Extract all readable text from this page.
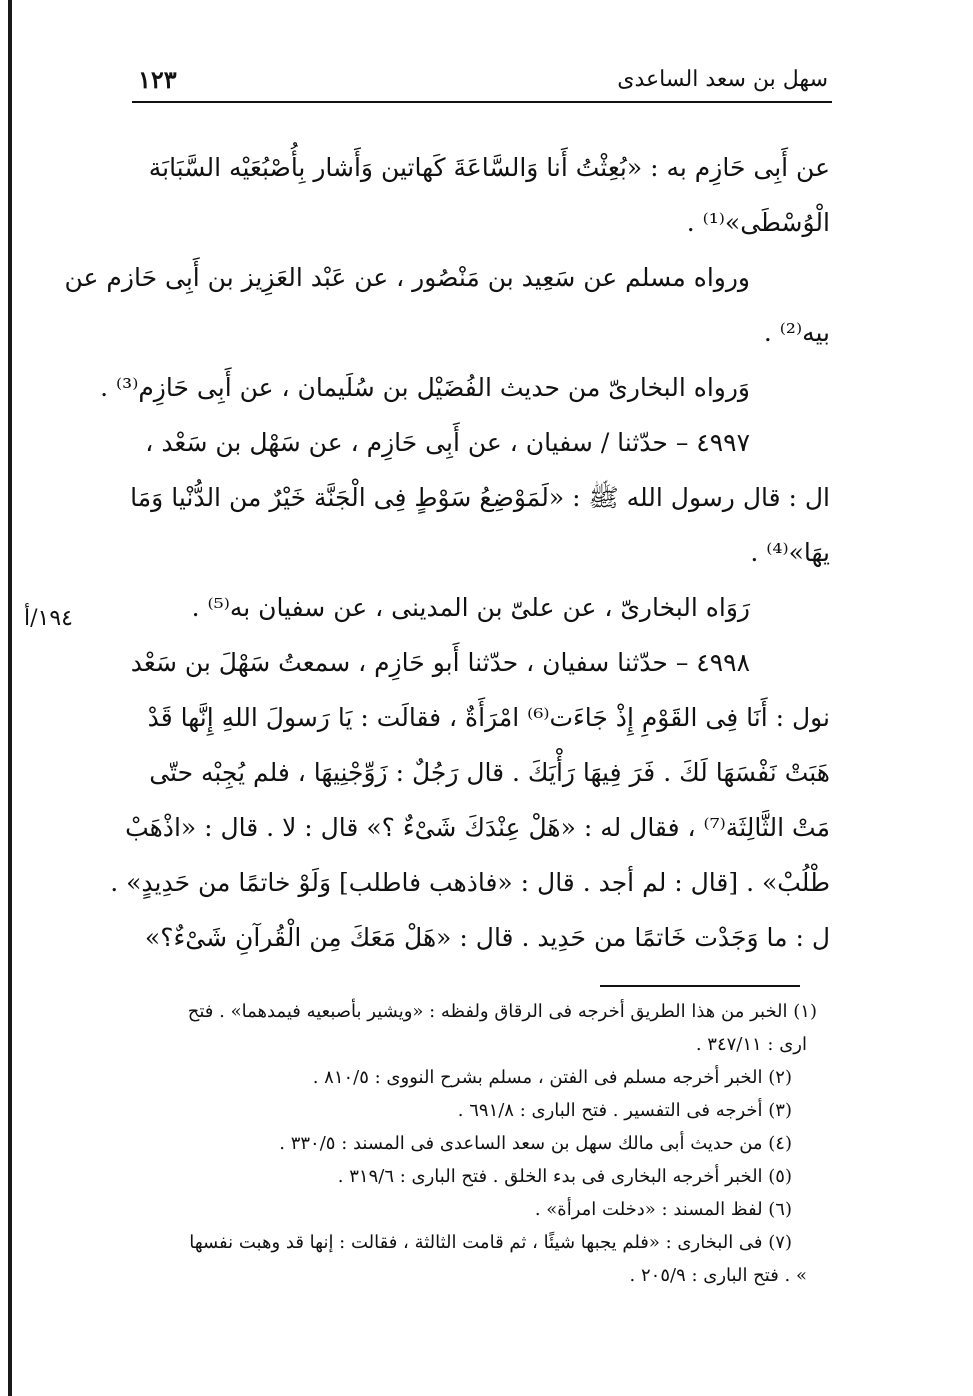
سهل بن سعد الساعدى
١٢٣
عن أَبِى حَازِم به : «بُعِثْتُ أَنا وَالسَّاعَةَ كَهاتين وَأَشار بِأُصْبُعَيْه السَّبَابَة
الْوُسْطَى»⁽¹⁾ .
ورواه مسلم عن سَعِيد بن مَنْصُور ، عن عَبْد العَزِيز بن أَبِى حَازم عن
بيه⁽²⁾ .
وَرواه البخارىّ من حديث الفُضَيْل بن سُلَيمان ، عن أَبِى حَازِم⁽³⁾ .
٤٩٩٧ – حدّثنا / سفيان ، عن أَبِى حَازِم ، عن سَهْل بن سَعْد ،
ال : قال رسول الله ﷺ : «لَمَوْضِعُ سَوْطٍ فِى الْجَنَّة خَيْرٌ من الدُّنْيا وَمَا
يهَا»⁽⁴⁾ .
رَوَاه البخارىّ ، عن علىّ بن المدينى ، عن سفيان به⁽⁵⁾ .
٤٩٩٨ – حدّثنا سفيان ، حدّثنا أَبو حَازِم ، سمعتُ سَهْلَ بن سَعْد
نول : أَنَا فِى القَوْمِ إِذْ جَاءَت⁽⁶⁾ امْرَأَةٌ ، فقالَت : يَا رَسولَ اللهِ إِنَّها قَدْ
هَبَتْ نَفْسَهَا لَكَ . فَرَ فِيهَا رَأْيَكَ . قال رَجُلٌ : زَوِّجْنِيهَا ، فلم يُجِبْه حتّى
مَتْ الثَّالِثَة⁽⁷⁾ ، فقال له : «هَلْ عِنْدَكَ شَىْءٌ ؟» قال : لا . قال : «اذْهَبْ
طْلُبْ» . [قال : لم أجد . قال : «فاذهب فاطلب] وَلَوْ خاتمًا من حَدِيدٍ» .
ل : ما وَجَدْت خَاتمًا من حَدِيد . قال : «هَلْ مَعَكَ مِن الْقُرآنِ شَىْءٌ؟»
١٩٤/أ
(١) الخبر من هذا الطريق أخرجه فى الرقاق ولفظه : «ويشير بأصبعيه فيمدهما» . فتح
ارى : ٣٤٧/١١ .
(٢) الخبر أخرجه مسلم فى الفتن ، مسلم بشرح النووى : ٨١٠/٥ .
(٣) أخرجه فى التفسير . فتح البارى : ٦٩١/٨ .
(٤) من حديث أبى مالك سهل بن سعد الساعدى فى المسند : ٣٣٠/٥ .
(٥) الخبر أخرجه البخارى فى بدء الخلق . فتح البارى : ٣١٩/٦ .
(٦) لفظ المسند : «دخلت امرأة» .
(٧) فى البخارى : «فلم يجبها شيئًا ، ثم قامت الثالثة ، فقالت : إنها قد وهبت نفسها
» . فتح البارى : ٢٠٥/٩ .
